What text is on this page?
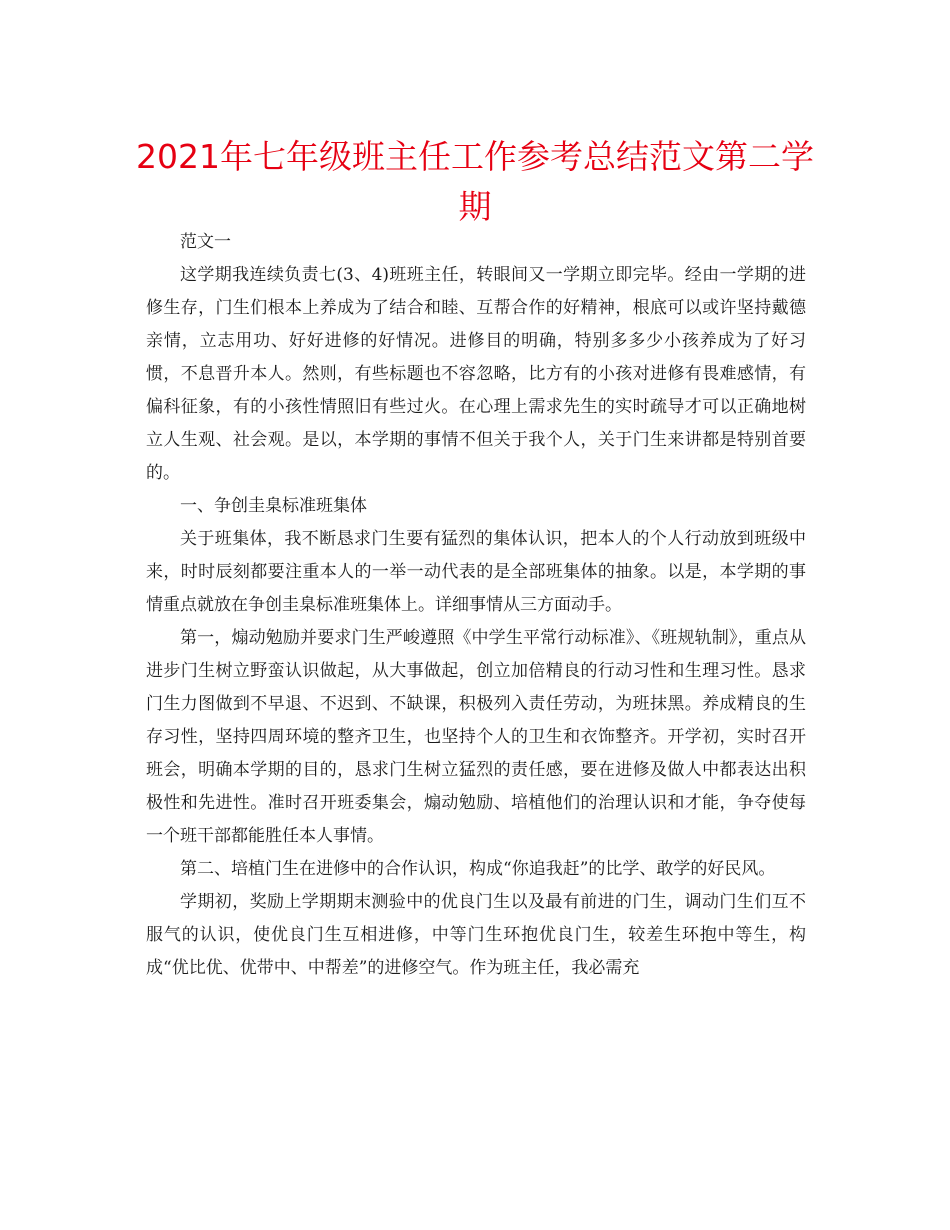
2021年七年级班主任工作参考总结范文第二学期

范文一

这学期我连续负责七(3、4)班班主任，转眼间又一学期立即完毕。经由一学期的进修生存，门生们根本上养成为了结合和睦、互帮合作的好精神，根底可以或许坚持戴德亲情，立志用功、好好进修的好情况。进修目的明确，特别多多少小孩养成为了好习惯，不息晋升本人。然则，有些标题也不容忽略，比方有的小孩对进修有畏难感情，有偏科征象，有的小孩性情照旧有些过火。在心理上需求先生的实时疏导才可以正确地树立人生观、社会观。是以，本学期的事情不但关于我个人，关于门生来讲都是特别首要的。

一、争创圭臬标准班集体

关于班集体，我不断恳求门生要有猛烈的集体认识，把本人的个人行动放到班级中来，时时辰刻都要注重本人的一举一动代表的是全部班集体的抽象。以是，本学期的事情重点就放在争创圭臬标准班集体上。详细事情从三方面动手。

第一，煽动勉励并要求门生严峻遵照《中学生平常行动标准》、《班规轨制》，重点从进步门生树立野蛮认识做起，从大事做起，创立加倍精良的行动习性和生理习性。恳求门生力图做到不早退、不迟到、不缺课，积极列入责任劳动，为班抹黑。养成精良的生存习性，坚持四周环境的整齐卫生，也坚持个人的卫生和衣饰整齐。开学初，实时召开班会，明确本学期的目的，恳求门生树立猛烈的责任感，要在进修及做人中都表达出积极性和先进性。准时召开班委集会，煽动勉励、培植他们的治理认识和才能，争夺使每一个班干部都能胜任本人事情。

第二、培植门生在进修中的合作认识，构成“你追我赶”的比学、敢学的好民风。

学期初，奖励上学期期末测验中的优良门生以及最有前进的门生，调动门生们互不服气的认识，使优良门生互相进修，中等门生环抱优良门生，较差生环抱中等生，构成“优比优、优带中、中帮差”的进修空气。作为班主任，我必需充
